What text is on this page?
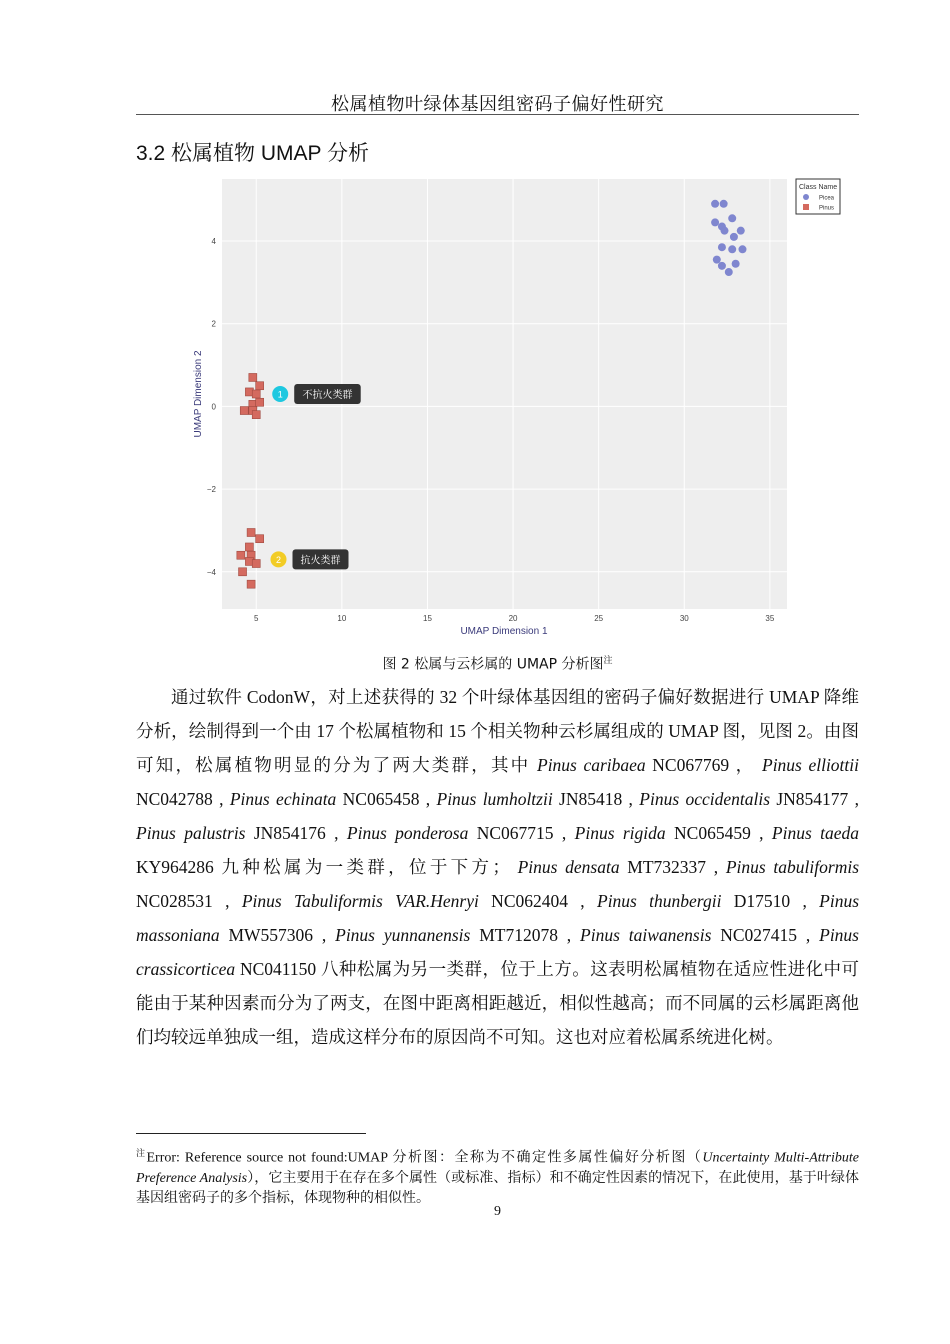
松属植物叶绿体基因组密码子偏好性研究
3.2 松属植物 UMAP 分析
5	10	15	20	25	30	35
−4
−2
0
2
4
1 不抗火类群
2 抗火类群
UMAP Dimension 1
UMAP Dimension 2
Class Name
Picea
Pinus
图 2 松属与云杉属的 UMAP 分析图$^注$

通过软件 CodonW，对上述获得的 32 个叶绿体基因组的密码子偏好数据进行 UMAP 降维分析，绘制得到一个由 17 个松属植物和 15 个相关物种云杉属组成的 UMAP 图，见图 2。由图可知，松属植物明显的分为了两大类群，其中 Pinus caribaea NC067769 ， Pinus elliottii NC042788 , Pinus echinata NC065458 , Pinus lumholtzii JN85418 , Pinus occidentalis JN854177 , Pinus palustris JN854176 , Pinus ponderosa NC067715 , Pinus rigida NC065459 , Pinus taeda KY964286 九种松属为一类群，位于下方； Pinus densata MT732337 , Pinus tabuliformis NC028531 , Pinus Tabuliformis VAR.Henryi NC062404 , Pinus thunbergii D17510 , Pinus massoniana MW557306 , Pinus yunnanensis MT712078 , Pinus taiwanensis NC027415 , Pinus crassicorticea NC041150 八种松属为另一类群，位于上方。这表明松属植物在适应性进化中可能由于某种因素而分为了两支，在图中距离相距越近，相似性越高；而不同属的云杉属距离他们均较远单独成一组，造成这样分布的原因尚不可知。这也对应着松属系统进化树。

$^注$Error: Reference source not found:UMAP 分析图：全称为不确定性多属性偏好分析图（Uncertainty Multi-Attribute Preference Analysis），它主要用于在存在多个属性（或标准、指标）和不确定性因素的情况下，在此使用，基于叶绿体基因组密码子的多个指标，体现物种的相似性。
9
